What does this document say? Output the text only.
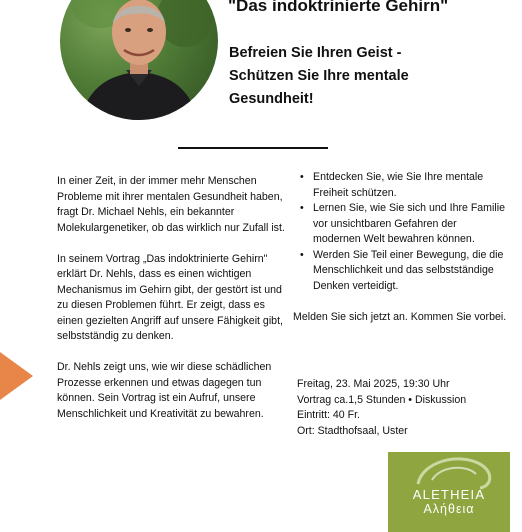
"Das indoktrinierte Gehirn"
Befreien Sie Ihren Geist - Schützen Sie Ihre mentale Gesundheit!

In einer Zeit, in der immer mehr Menschen Probleme mit ihrer mentalen Gesundheit haben, fragt Dr. Michael Nehls, ein bekannter Molekulargenetiker, ob das wirklich nur Zufall ist.

In seinem Vortrag „Das indoktrinierte Gehirn" erklärt Dr. Nehls, dass es einen wichtigen Mechanismus im Gehirn gibt, der gestört ist und zu diesen Problemen führt. Er zeigt, dass es einen gezielten Angriff auf unsere Fähigkeit gibt, selbstständig zu denken.

Dr. Nehls zeigt uns, wie wir diese schädlichen Prozesse erkennen und etwas dagegen tun können. Sein Vortrag ist ein Aufruf, unsere Menschlichkeit und Kreativität zu bewahren.

• Entdecken Sie, wie Sie Ihre mentale Freiheit schützen.
• Lernen Sie, wie Sie sich und Ihre Familie vor unsichtbaren Gefahren der modernen Welt bewahren können.
• Werden Sie Teil einer Bewegung, die die Menschlichkeit und das selbstständige Denken verteidigt.

Melden Sie sich jetzt an. Kommen Sie vorbei.

Freitag, 23. Mai 2025, 19:30 Uhr
Vortrag ca.1,5 Stunden • Diskussion
Eintritt: 40 Fr.
Ort: Stadthofsaal, Uster
ALETHEIA
Αλήθεια
